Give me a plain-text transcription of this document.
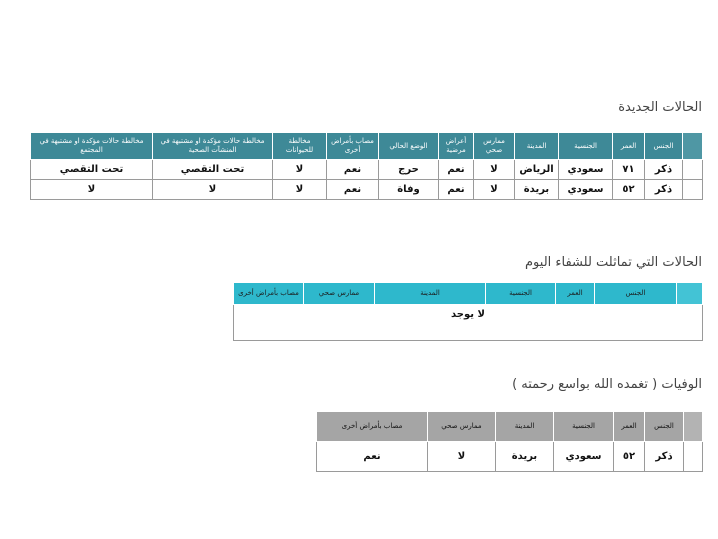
الحالات الجديدة
	الجنس	العمر	الجنسية	المدينة	ممارس صحي	أعراض مرضية	الوضع الحالي	مصاب بأمراض أخرى	مخالطة للحيوانات	مخالطة حالات مؤكدة او مشتبهة في المنشآت الصحية	مخالطة حالات مؤكدة او مشتبهة في المجتمع
	ذكر	٧١	سعودي	الرياض	لا	نعم	حرج	نعم	لا	تحت التقصي	تحت التقصي
	ذكر	٥٢	سعودي	بريدة	لا	نعم	وفاة	نعم	لا	لا	لا
الحالات التي تماثلت للشفاء اليوم
	الجنس	العمر	الجنسية	المدينة	ممارس صحي	مصاب بأمراض أخرى
لا يوجد
الوفيات ( تغمده الله بواسع رحمته )
	الجنس	العمر	الجنسية	المدينة	ممارس صحي	مصاب بأمراض أخرى
	ذكر	٥٢	سعودي	بريدة	لا	نعم
